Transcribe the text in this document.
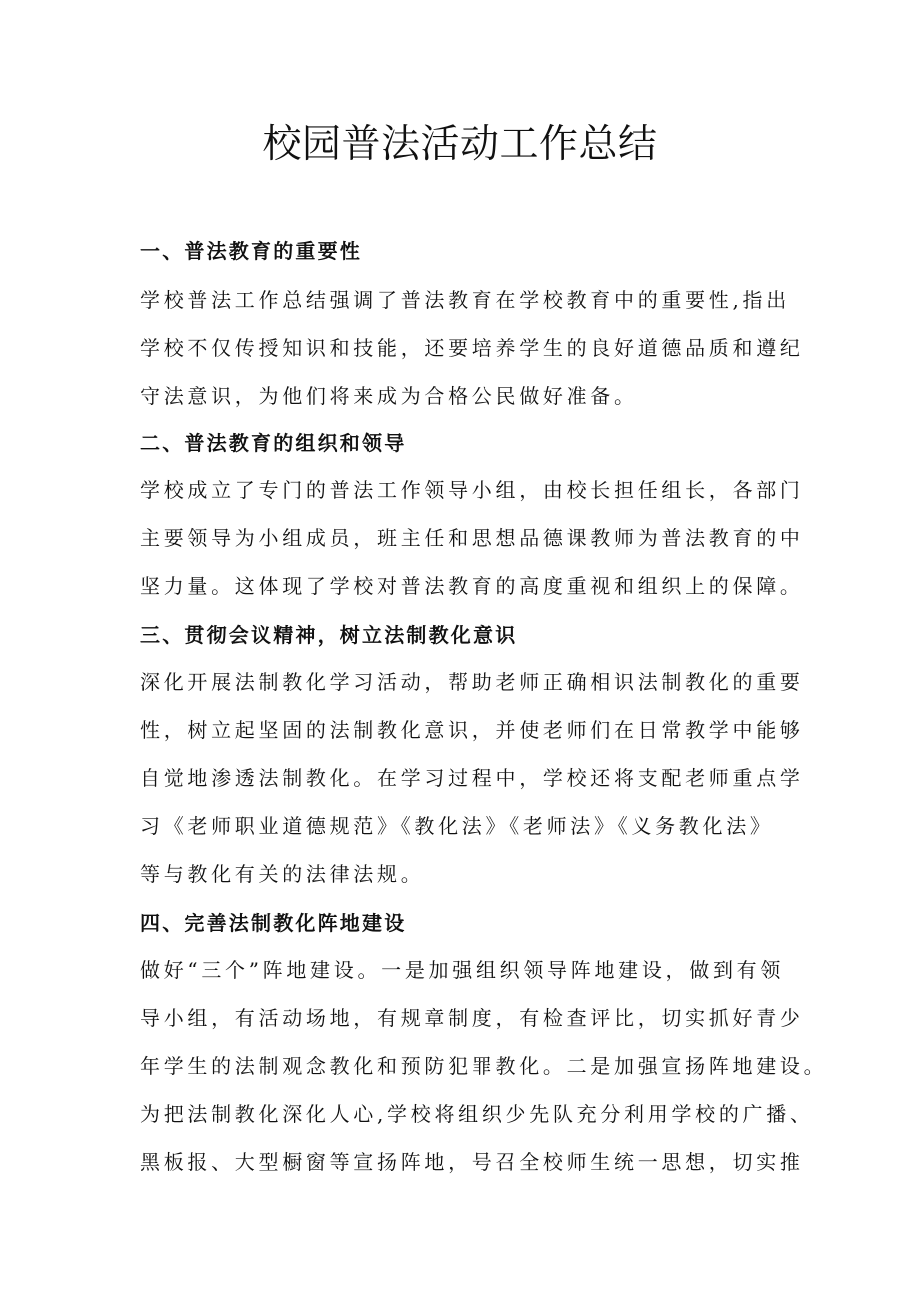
校园普法活动工作总结
一、普法教育的重要性
学校普法工作总结强调了普法教育在学校教育中的重要性,指出
学校不仅传授知识和技能，还要培养学生的良好道德品质和遵纪
守法意识，为他们将来成为合格公民做好准备。
二、普法教育的组织和领导
学校成立了专门的普法工作领导小组，由校长担任组长，各部门
主要领导为小组成员，班主任和思想品德课教师为普法教育的中
坚力量。这体现了学校对普法教育的高度重视和组织上的保障。
三、贯彻会议精神，树立法制教化意识
深化开展法制教化学习活动，帮助老师正确相识法制教化的重要
性，树立起坚固的法制教化意识，并使老师们在日常教学中能够
自觉地渗透法制教化。在学习过程中，学校还将支配老师重点学
习《老师职业道德规范》《教化法》《老师法》《义务教化法》
等与教化有关的法律法规。
四、完善法制教化阵地建设
做好“三个”阵地建设。一是加强组织领导阵地建设，做到有领
导小组，有活动场地，有规章制度，有检查评比，切实抓好青少
年学生的法制观念教化和预防犯罪教化。二是加强宣扬阵地建设。
为把法制教化深化人心,学校将组织少先队充分利用学校的广播、
黑板报、大型橱窗等宣扬阵地，号召全校师生统一思想，切实推
